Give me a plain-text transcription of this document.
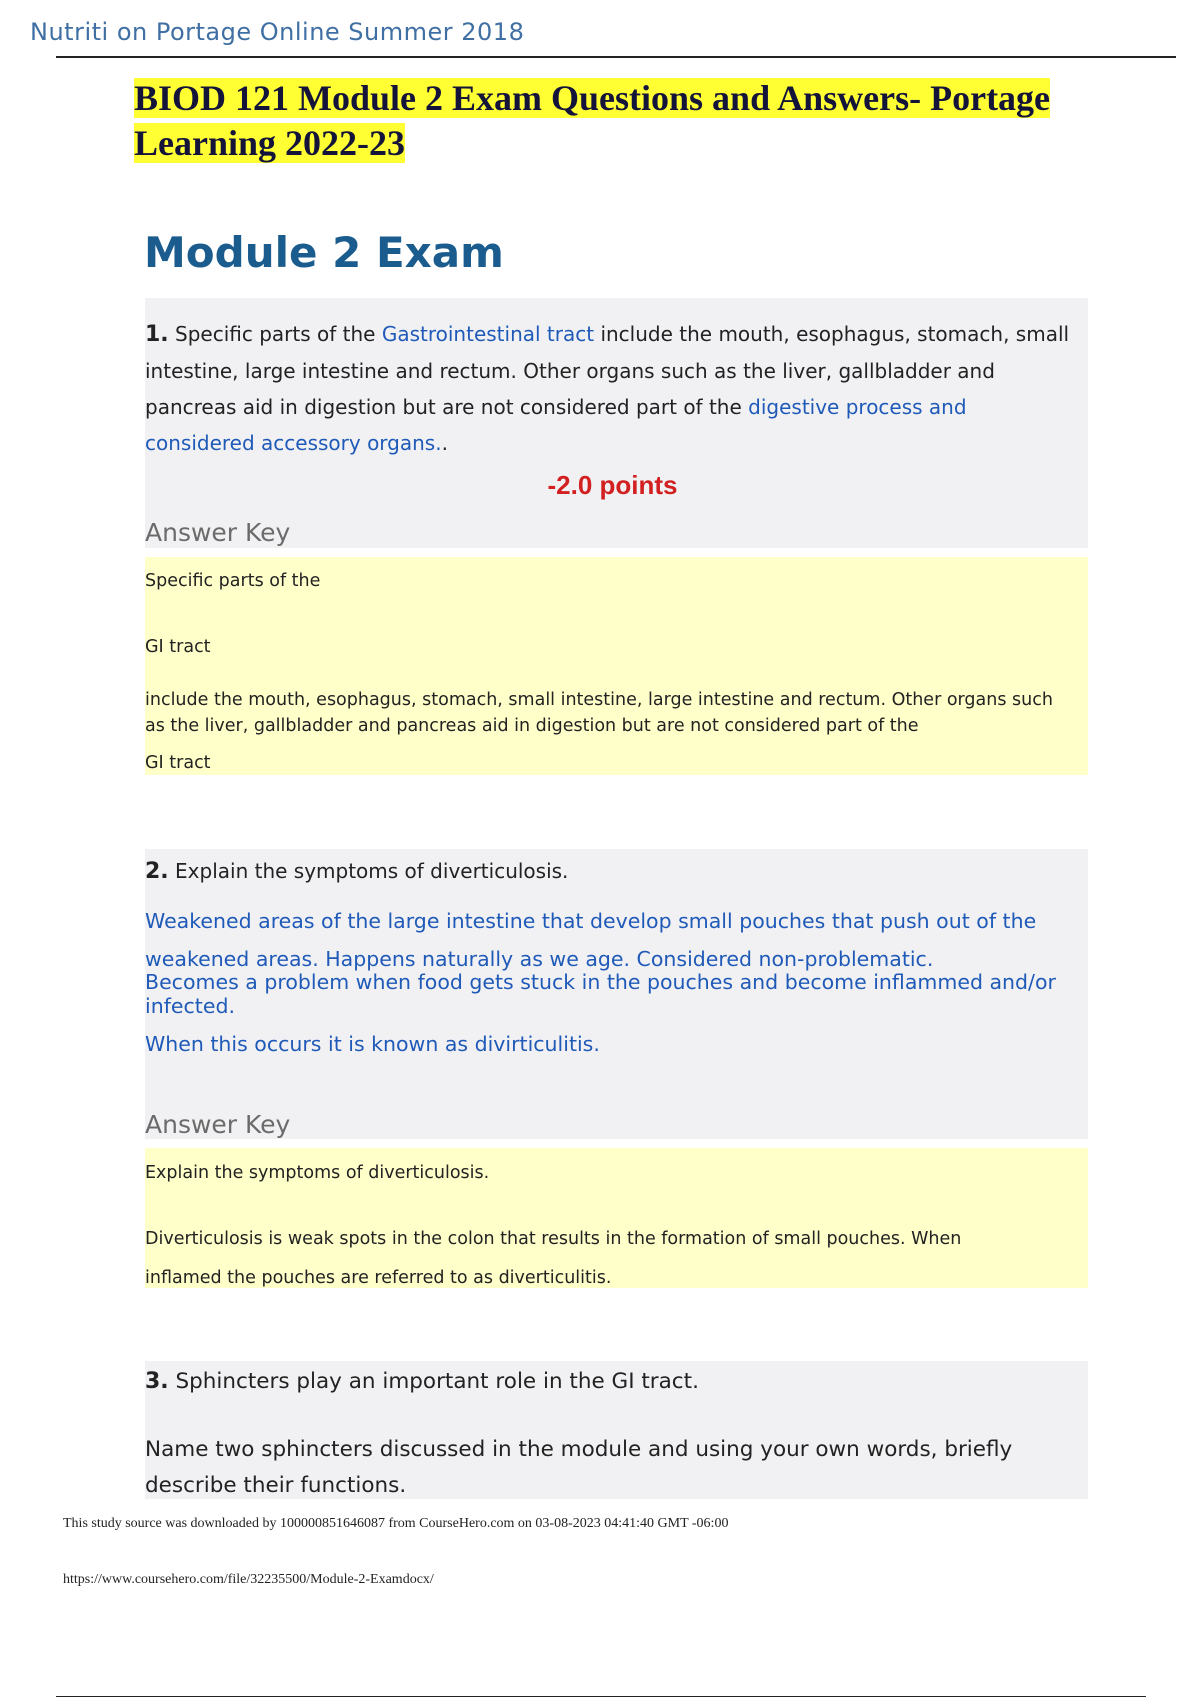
Nutriti on Portage Online Summer 2018
BIOD 121 Module 2 Exam Questions and Answers- Portage
Learning 2022-23
Module 2 Exam
1. Specific parts of the Gastrointestinal tract include the mouth, esophagus, stomach, small intestine, large intestine and rectum. Other organs such as the liver, gallbladder and pancreas aid in digestion but are not considered part of the digestive process and considered accessory organs..
-2.0 points
Answer Key
Specific parts of the
GI tract
include the mouth, esophagus, stomach, small intestine, large intestine and rectum. Other organs such as the liver, gallbladder and pancreas aid in digestion but are not considered part of the
GI tract
2. Explain the symptoms of diverticulosis.
Weakened areas of the large intestine that develop small pouches that push out of the
weakened areas. Happens naturally as we age. Considered non-problematic.
Becomes a problem when food gets stuck in the pouches and become inflammed and/or infected.
When this occurs it is known as divirticulitis.
Answer Key
Explain the symptoms of diverticulosis.
Diverticulosis is weak spots in the colon that results in the formation of small pouches. When
inflamed the pouches are referred to as diverticulitis.
3. Sphincters play an important role in the GI tract.
Name two sphincters discussed in the module and using your own words, briefly describe their functions.
This study source was downloaded by 100000851646087 from CourseHero.com on 03-08-2023 04:41:40 GMT -06:00
https://www.coursehero.com/file/32235500/Module-2-Examdocx/
